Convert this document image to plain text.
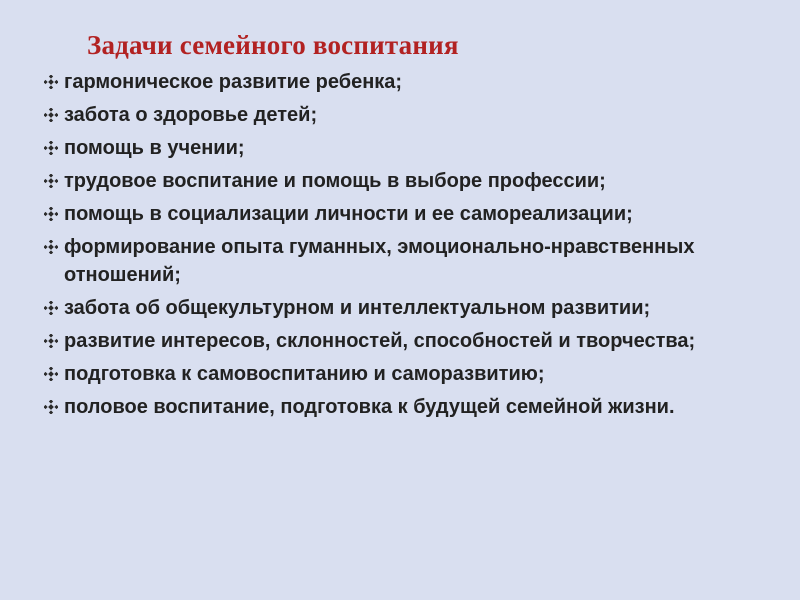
Задачи семейного воспитания
гармоническое развитие ребенка;
забота о здоровье детей;
помощь в учении;
трудовое воспитание и помощь в выборе профессии;
помощь в социализации личности и ее самореализации;
формирование опыта гуманных, эмоционально-нравственных отношений;
забота об общекультурном и интеллектуальном развитии;
развитие интересов, склонностей, способностей и творчества;
подготовка к самовоспитанию и саморазвитию;
половое воспитание, подготовка к будущей семейной жизни.
